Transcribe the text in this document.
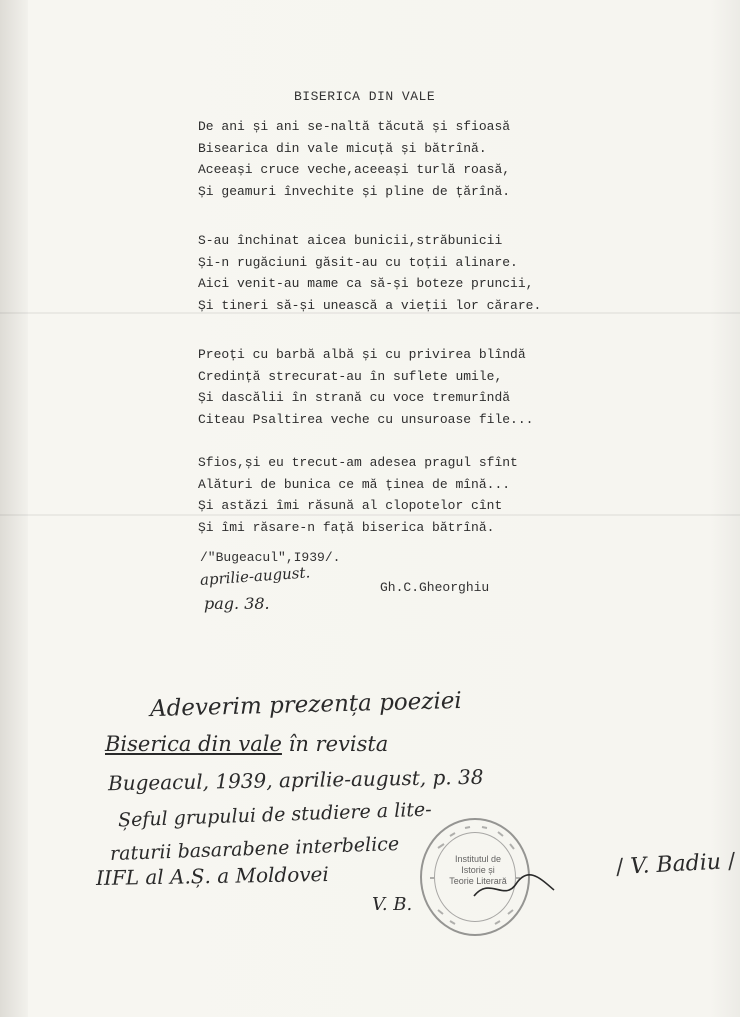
BISERICA DIN VALE
De ani și ani se-naltă tăcută și sfioasă
Bisearica din vale micuță și bătrînă.
Aceeași cruce veche,aceeași turlă roasă,
Și geamuri învechite și pline de țărînă.
S-au închinat aicea bunicii,străbunicii
Și-n rugăciuni găsit-au cu toții alinare.
Aici venit-au mame ca să-și boteze pruncii,
Și tineri să-și unească a vieții lor cărare.
Preoți cu barbă albă și cu privirea blîndă
Credință strecurat-au în suflete umile,
Și dascălii în strană cu voce tremurîndă
Citeau Psaltirea veche cu unsuroase file...
Sfios,și eu trecut-am adesea pragul sfînt
Alături de bunica ce mă ținea de mînă...
Și astăzi îmi răsună al clopotelor cînt
Și îmi răsare-n față biserica bătrînă.
/"Bugeacul",I939/.
aprilie-august.
pag. 38.
Gh.C.Gheorghiu
Adeverim prezența poeziei
Biserica din vale în revista
Bugeacul, 1939, aprilie-august, p. 38
Șeful grupului de studiere a lite-
raturii basarabene interbelice
IIFL al A.Ș. a Moldovei
V. B.
/ V. Badiu /
Institutul de Istorie și Teorie Literară
